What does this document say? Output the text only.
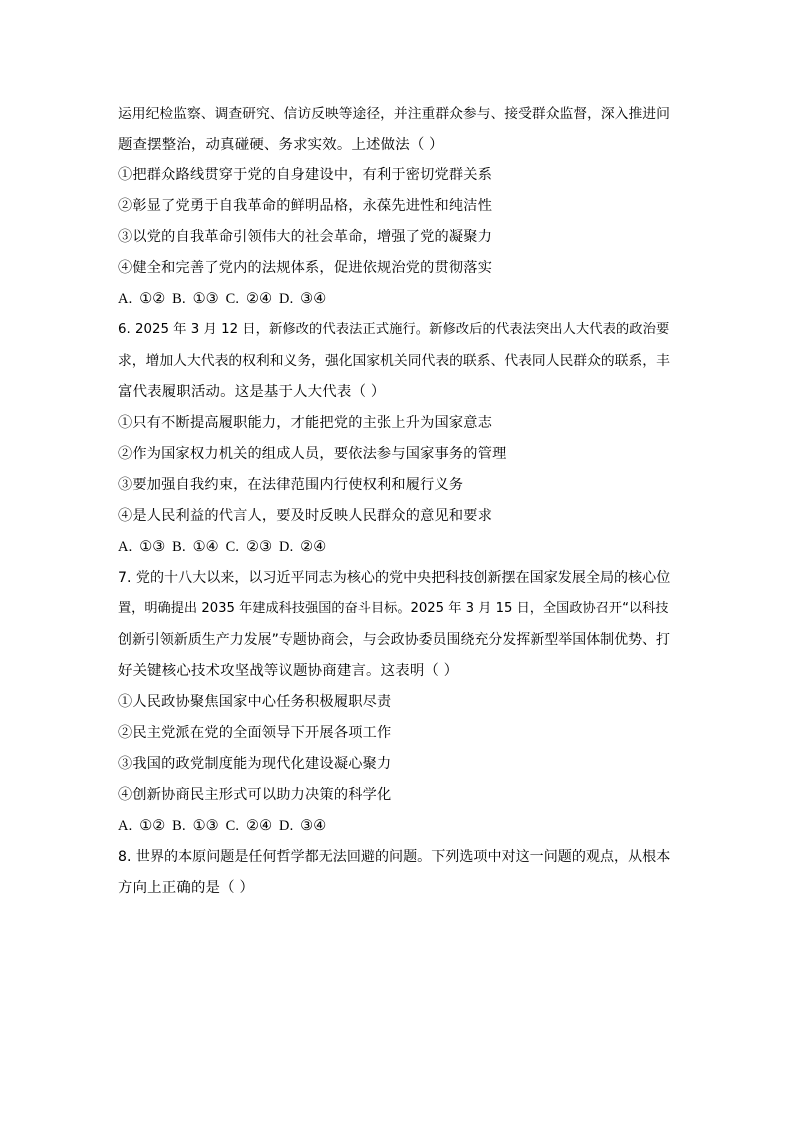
运用纪检监察、调查研究、信访反映等途径，并注重群众参与、接受群众监督，深入推进问
题查摆整治，动真碰硬、务求实效。上述做法（ ）
①把群众路线贯穿于党的自身建设中，有利于密切党群关系
②彰显了党勇于自我革命的鲜明品格，永葆先进性和纯洁性
③以党的自我革命引领伟大的社会革命，增强了党的凝聚力
④健全和完善了党内的法规体系，促进依规治党的贯彻落实
A. ①② B. ①③ C. ②④ D. ③④
6. 2025 年 3 月 12 日，新修改的代表法正式施行。新修改后的代表法突出人大代表的政治要
求，增加人大代表的权利和义务，强化国家机关同代表的联系、代表同人民群众的联系，丰
富代表履职活动。这是基于人大代表（ ）
①只有不断提高履职能力，才能把党的主张上升为国家意志
②作为国家权力机关的组成人员，要依法参与国家事务的管理
③要加强自我约束，在法律范围内行使权利和履行义务
④是人民利益的代言人，要及时反映人民群众的意见和要求
A. ①③ B. ①④ C. ②③ D. ②④
7. 党的十八大以来，以习近平同志为核心的党中央把科技创新摆在国家发展全局的核心位
置，明确提出 2035 年建成科技强国的奋斗目标。2025 年 3 月 15 日，全国政协召开“以科技
创新引领新质生产力发展”专题协商会，与会政协委员围绕充分发挥新型举国体制优势、打
好关键核心技术攻坚战等议题协商建言。这表明（ ）
①人民政协聚焦国家中心任务积极履职尽责
②民主党派在党的全面领导下开展各项工作
③我国的政党制度能为现代化建设凝心聚力
④创新协商民主形式可以助力决策的科学化
A. ①② B. ①③ C. ②④ D. ③④
8. 世界的本原问题是任何哲学都无法回避的问题。下列选项中对这一问题的观点，从根本
方向上正确的是（ ）
